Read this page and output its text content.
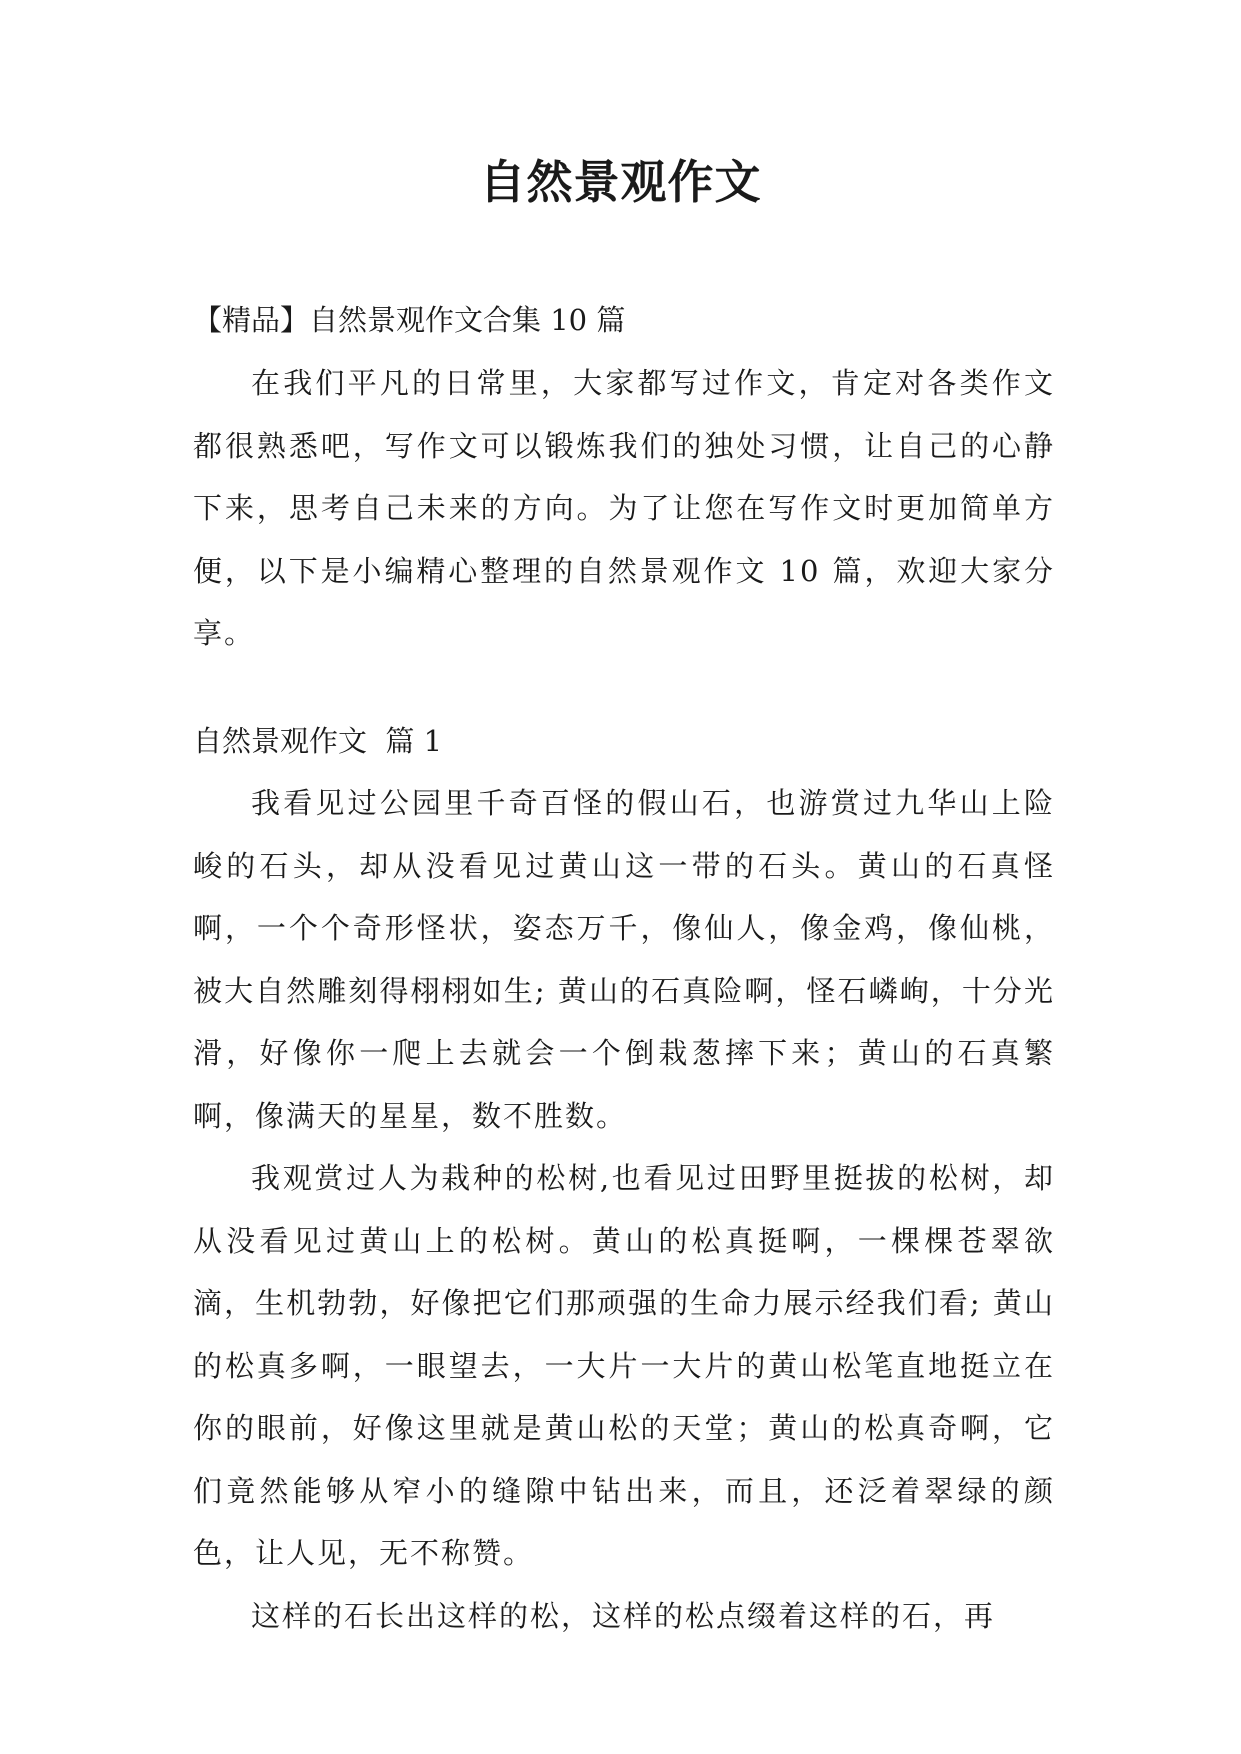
自然景观作文

【精品】自然景观作文合集 10 篇

在我们平凡的日常里，大家都写过作文，肯定对各类作文都很熟悉吧，写作文可以锻炼我们的独处习惯，让自己的心静下来，思考自己未来的方向。为了让您在写作文时更加简单方便，以下是小编精心整理的自然景观作文 10 篇，欢迎大家分享。

自然景观作文  篇 1

我看见过公园里千奇百怪的假山石，也游赏过九华山上险峻的石头，却从没看见过黄山这一带的石头。黄山的石真怪啊，一个个奇形怪状，姿态万千，像仙人，像金鸡，像仙桃，被大自然雕刻得栩栩如生; 黄山的石真险啊，怪石嶙峋，十分光滑，好像你一爬上去就会一个倒栽葱摔下来；黄山的石真繁啊，像满天的星星，数不胜数。

我观赏过人为栽种的松树,也看见过田野里挺拔的松树，却从没看见过黄山上的松树。黄山的松真挺啊，一棵棵苍翠欲滴，生机勃勃，好像把它们那顽强的生命力展示经我们看; 黄山的松真多啊，一眼望去，一大片一大片的黄山松笔直地挺立在你的眼前，好像这里就是黄山松的天堂；黄山的松真奇啊，它们竟然能够从窄小的缝隙中钻出来，而且，还泛着翠绿的颜色，让人见，无不称赞。

这样的石长出这样的松，这样的松点缀着这样的石，再
